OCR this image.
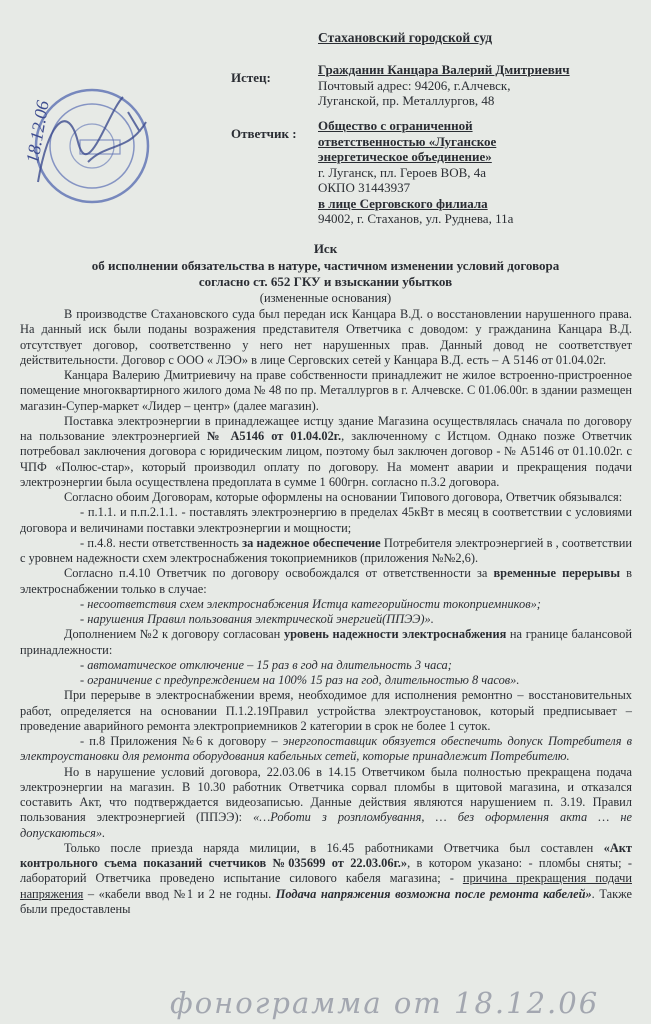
Стахановский городской суд
Истец:
Гражданин Канцара Валерий Дмитриевич
Почтовый адрес: 94206, г.Алчевск,
Луганской, пр. Металлургов, 48
Ответчик :
Общество с ограниченной
ответственностью «Луганское
энергетическое объединение»
г. Луганск, пл. Героев ВОВ, 4а
ОКПО 31443937
в лице Серговского филиала
94002, г. Стаханов, ул. Руднева, 11а
18.12.06
Иск
об исполнении обязательства в натуре, частичном изменении условий договора
согласно ст. 652 ГКУ и взыскании убытков
(измененные основания)

В производстве Стахановского суда был передан иск Канцара В.Д. о восстановлении нарушенного права. На данный иск были поданы возражения представителя Ответчика с доводом: у гражданина Канцара В.Д. отсутствует договор, соответственно у него нет нарушенных прав. Данный довод не соответствует действительности. Договор с ООО « ЛЭО» в лице Серговских сетей у Канцара В.Д. есть – А 5146 от 01.04.02г.

Канцара Валерию Дмитриевичу на праве собственности принадлежит не жилое встроенно-пристроенное помещение многоквартирного жилого дома № 48 по пр. Металлургов в г. Алчевске. С 01.06.00г. в здании размещен магазин-Супер-маркет «Лидер – центр» (далее магазин).

Поставка электроэнергии в принадлежащее истцу здание Магазина осуществлялась сначала по договору на пользование электроэнергией № А5146 от 01.04.02г., заключенному с Истцом. Однако позже Ответчик потребовал заключения договора с юридическим лицом, поэтому был заключен договор - № А5146 от 01.10.02г. с ЧПФ «Полюс-стар», который производил оплату по договору. На момент аварии и прекращения подачи электроэнергии была осуществлена предоплата в сумме 1 600грн. согласно п.3.2 договора.

Согласно обоим Договорам, которые оформлены на основании Типового договора, Ответчик обязывался:

- п.1.1. и п.п.2.1.1. - поставлять электроэнергию в пределах 45кВт в месяц в соответствии с условиями договора и величинами поставки электроэнергии и мощности;

- п.4.8. нести ответственность за надежное обеспечение Потребителя электроэнергией в , соответствии с уровнем надежности схем электроснабжения токоприемников (приложения №№2,6).

Согласно п.4.10 Ответчик по договору освобождался от ответственности за временные перерывы в электроснабжении только в случае:

- несоответствия схем электроснабжения Истца категорийности токоприемников»;

- нарушения Правил пользования электрической энергией(ППЭЭ)».

Дополнением №2 к договору согласован уровень надежности электроснабжения на границе балансовой принадлежности:

- автоматическое отключение – 15 раз в год на длительность 3 часа;

- ограничение с предупреждением на 100% 15 раз на год, длительностью 8 часов».

При перерыве в электроснабжении время, необходимое для исполнения ремонтно – восстановительных работ, определяется на основании П.1.2.19Правил устройства электроустановок, который предписывает – проведение аварийного ремонта электроприемников 2 категории в срок не более 1 суток.

- п.8 Приложения №6 к договору – энергопоставщик обязуется обеспечить допуск Потребителя в электроустановки для ремонта оборудования кабельных сетей, которые принадлежит Потребителю.

Но в нарушение условий договора, 22.03.06 в 14.15 Ответчиком была полностью прекращена подача электроэнергии на магазин. В 10.30 работник Ответчика сорвал пломбы в щитовой магазина, и отказался составить Акт, что подтверждается видеозаписью. Данные действия являются нарушением п. 3.19. Правил пользования электроэнергией (ППЭЭ): «…Роботи з розпломбування, … без оформлення акта … не допускаються».

Только после приезда наряда милиции, в 16.45 работниками Ответчика был составлен «Акт контрольного съема показаний счетчиков №035699 от 22.03.06г.», в котором указано: - пломбы сняты; - лабораторий Ответчика проведено испытание силового кабеля магазина; - причина прекращения подачи напряжения – «кабели ввод №1 и 2 не годны. Подача напряжения возможна после ремонта кабелей». Также были предоставлены

фонограмма от 18.12.06
